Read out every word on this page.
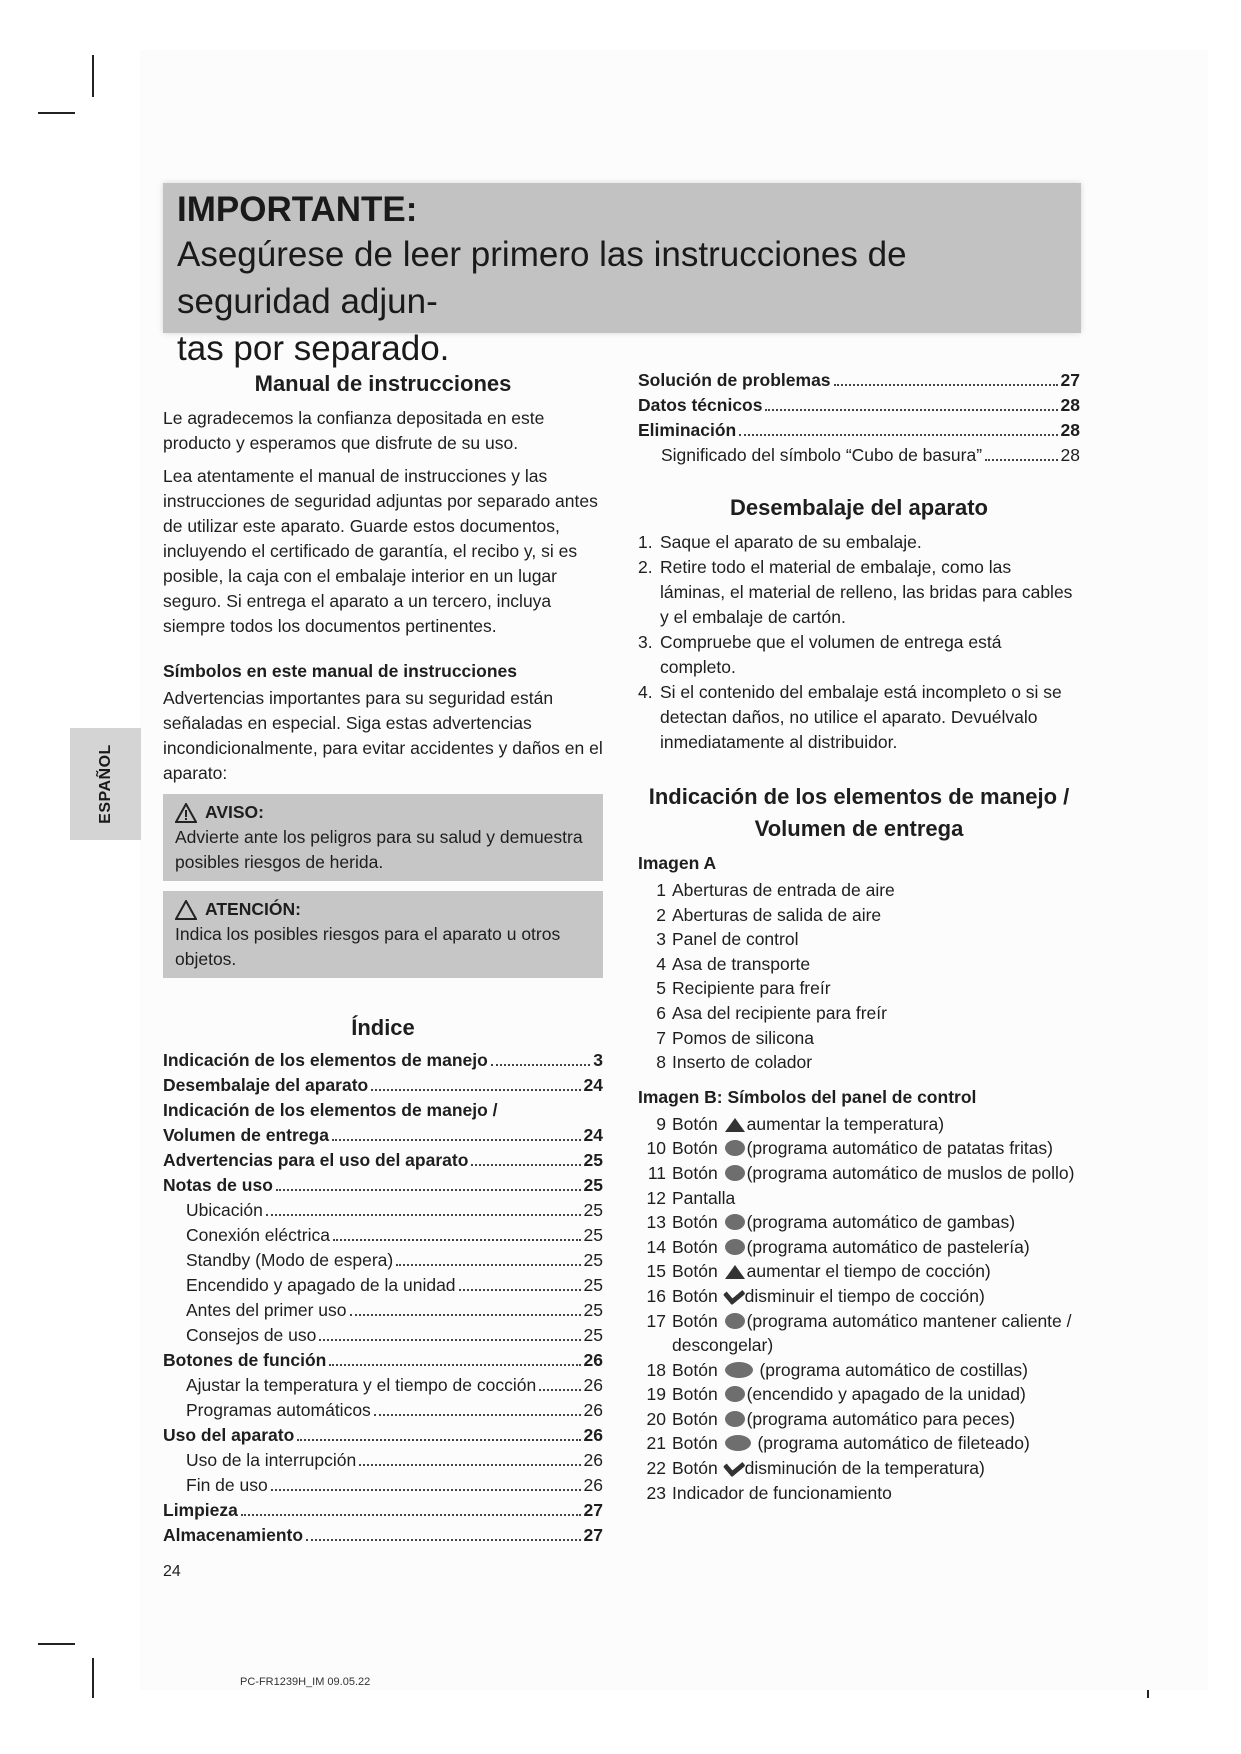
IMPORTANTE:
Asegúrese de leer primero las instrucciones de seguridad adjun-
tas por separado.
ESPAÑOL
Manual de instrucciones

Le agradecemos la confianza depositada en este producto y esperamos que disfrute de su uso.

Lea atentamente el manual de instrucciones y las instrucciones de seguridad adjuntas por separado antes de utilizar este aparato. Guarde estos documentos, incluyendo el certificado de garantía, el recibo y, si es posible, la caja con el embalaje interior en un lugar seguro. Si entrega el aparato a un tercero, incluya siempre todos los documentos pertinentes.

Símbolos en este manual de instrucciones

Advertencias importantes para su seguridad están señaladas en especial. Siga estas advertencias incondicionalmente, para evitar accidentes y daños en el aparato:

AVISO:
Advierte ante los peligros para su salud y demuestra posibles riesgos de herida.
ATENCIÓN:
Indica los posibles riesgos para el aparato u otros objetos.
Índice
Indicación de los elementos de manejo	3
Desembalaje del aparato	24
Indicación de los elementos de manejo /
Volumen de entrega	24
Advertencias para el uso del aparato	25
Notas de uso	25
Ubicación	25
Conexión eléctrica	25
Standby (Modo de espera)	25
Encendido y apagado de la unidad	25
Antes del primer uso	25
Consejos de uso	25
Botones de función	26
Ajustar la temperatura y el tiempo de cocción	26
Programas automáticos	26
Uso del aparato	26
Uso de la interrupción	26
Fin de uso	26
Limpieza	27
Almacenamiento	27
Solución de problemas	27
Datos técnicos	28
Eliminación	28
Significado del símbolo “Cubo de basura”	28
Desembalaje del aparato
1. Saque el aparato de su embalaje.
2. Retire todo el material de embalaje, como las láminas, el material de relleno, las bridas para cables y el embalaje de cartón.
3. Compruebe que el volumen de entrega está completo.
4. Si el contenido del embalaje está incompleto o si se detectan daños, no utilice el aparato. Devuélvalo inmediatamente al distribuidor.
Indicación de los elementos de manejo /
Volumen de entrega
Imagen A
1 Aberturas de entrada de aire
2 Aberturas de salida de aire
3 Panel de control
4 Asa de transporte
5 Recipiente para freír
6 Asa del recipiente para freír
7 Pomos de silicona
8 Inserto de colador
Imagen B: Símbolos del panel de control
9 Botón aumentar la temperatura)
10 Botón (programa automático de patatas fritas)
11 Botón (programa automático de muslos de pollo)
12 Pantalla
13 Botón (programa automático de gambas)
14 Botón (programa automático de pastelería)
15 Botón aumentar el tiempo de cocción)
16 Botón disminuir el tiempo de cocción)
17 Botón (programa automático mantener caliente / descongelar)
18 Botón (programa automático de costillas)
19 Botón (encendido y apagado de la unidad)
20 Botón (programa automático para peces)
21 Botón (programa automático de fileteado)
22 Botón disminución de la temperatura)
23 Indicador de funcionamiento
24
PC-FR1239H_IM 09.05.22
